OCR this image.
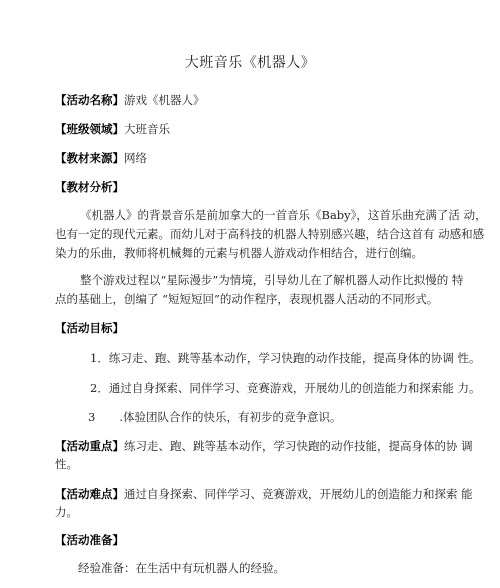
大班音乐《机器人》
【活动名称】游戏《机器人》
【班级领域】大班音乐
【教材来源】网络
【教材分析】
《机器人》的背景音乐是前加拿大的一首音乐《Baby》，这首乐曲充满了活 动，
也有一定的现代元素。而幼儿对于高科技的机器人特别感兴趣，结合这首有 动感和感
染力的乐曲，教师将机械舞的元素与机器人游戏动作相结合，进行创编。
整个游戏过程以“星际漫步”为情境，引导幼儿在了解机器人动作比拟慢的 特
点的基础上，创编了 “短短短回”的动作程序，表现机器人活动的不同形式。
【活动目标】
1．练习走、跑、跳等基本动作，学习快跑的动作技能，提高身体的协调 性。
2．通过自身探索、同伴学习、竞赛游戏，开展幼儿的创造能力和探索能 力。
3 .体验团队合作的快乐，有初步的竞争意识。
【活动重点】练习走、跑、跳等基本动作，学习快跑的动作技能，提高身体的协 调
性。
【活动难点】通过自身探索、同伴学习、竞赛游戏，开展幼儿的创造能力和探索 能
力。
【活动准备】
经验准备：在生活中有玩机器人的经验。
